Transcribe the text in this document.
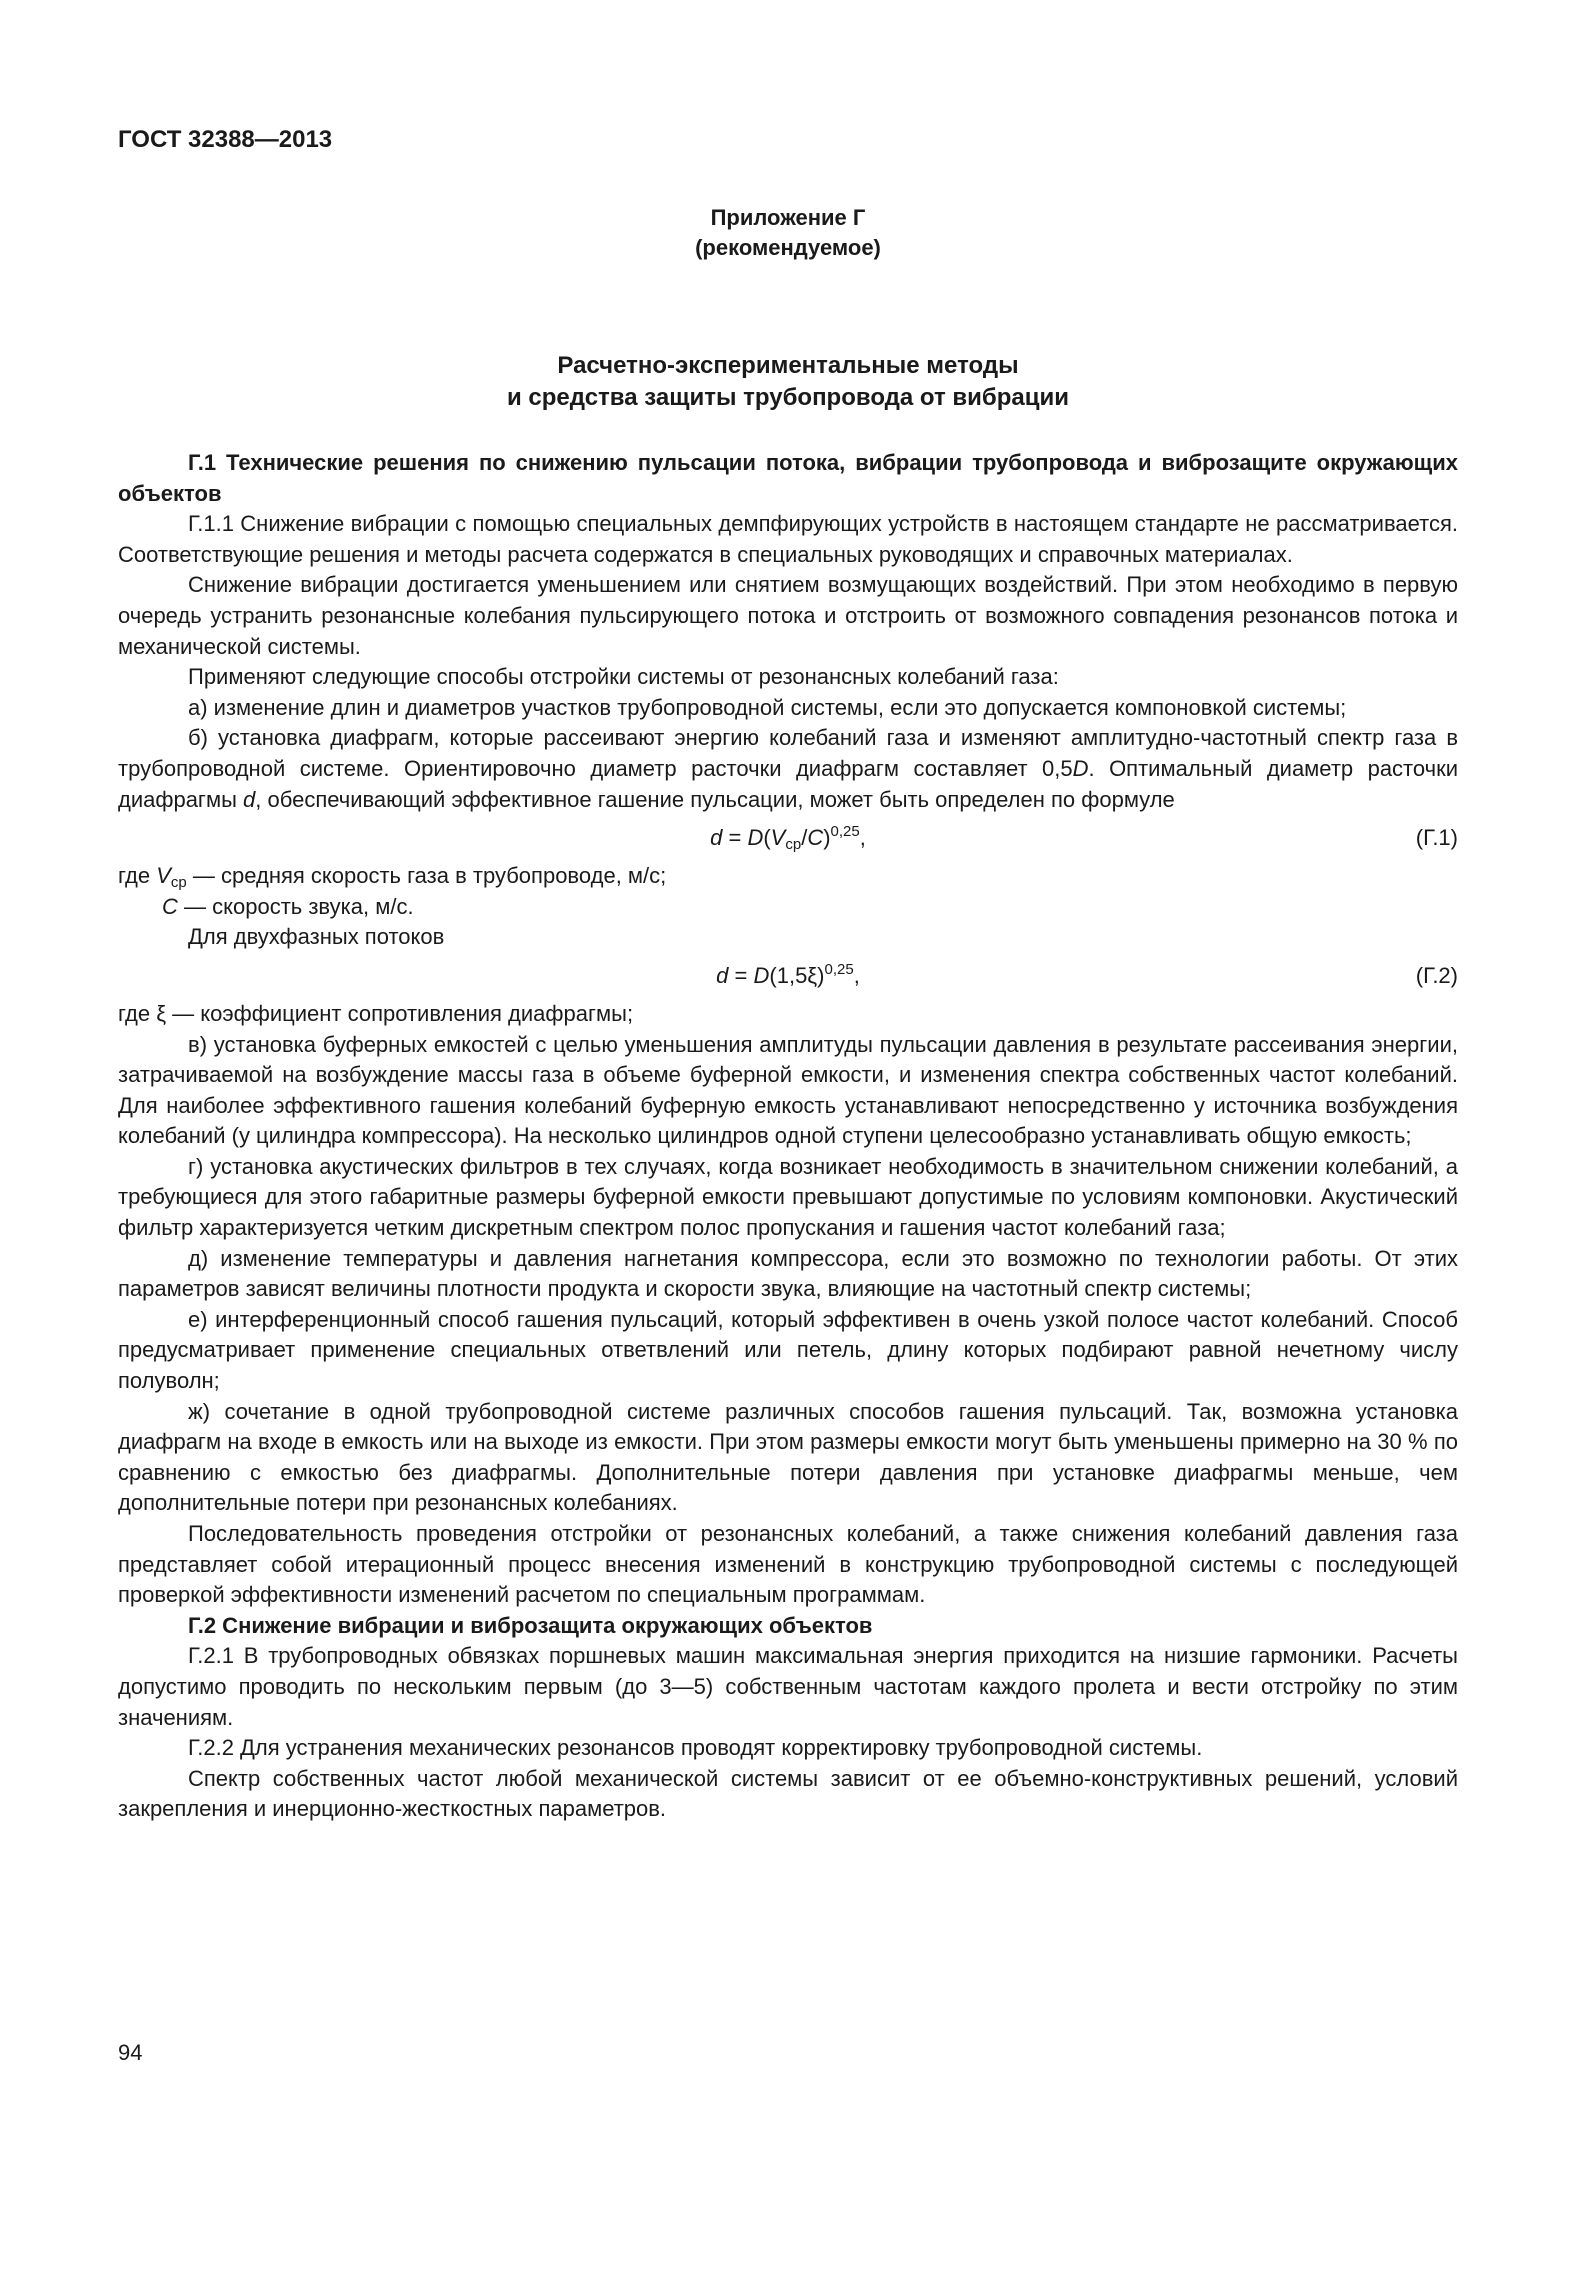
ГОСТ 32388—2013
Приложение Г
(рекомендуемое)
Расчетно-экспериментальные методы
и средства защиты трубопровода от вибрации

Г.1 Технические решения по снижению пульсации потока, вибрации трубопровода и виброзащите окружающих объектов

Г.1.1 Снижение вибрации с помощью специальных демпфирующих устройств в настоящем стандарте не рассматривается. Соответствующие решения и методы расчета содержатся в специальных руководящих и справочных материалах.

Снижение вибрации достигается уменьшением или снятием возмущающих воздействий. При этом необходимо в первую очередь устранить резонансные колебания пульсирующего потока и отстроить от возможного совпадения резонансов потока и механической системы.

Применяют следующие способы отстройки системы от резонансных колебаний газа:

а) изменение длин и диаметров участков трубопроводной системы, если это допускается компоновкой системы;

б) установка диафрагм, которые рассеивают энергию колебаний газа и изменяют амплитудно-частотный спектр газа в трубопроводной системе. Ориентировочно диаметр расточки диафрагм составляет 0,5D. Оптимальный диаметр расточки диафрагмы d, обеспечивающий эффективное гашение пульсации, может быть определен по формуле

$d = D(V_{ср}/C)^{0,25}$,	(Г.1)

где $V_{ср}$ — средняя скорость газа в трубопроводе, м/с;

C — скорость звука, м/с.

Для двухфазных потоков

$d = D(1,5\xi)^{0,25}$,	(Г.2)

где ξ — коэффициент сопротивления диафрагмы;

в) установка буферных емкостей с целью уменьшения амплитуды пульсации давления в результате рассеивания энергии, затрачиваемой на возбуждение массы газа в объеме буферной емкости, и изменения спектра собственных частот колебаний. Для наиболее эффективного гашения колебаний буферную емкость устанавливают непосредственно у источника возбуждения колебаний (у цилиндра компрессора). На несколько цилиндров одной ступени целесообразно устанавливать общую емкость;

г) установка акустических фильтров в тех случаях, когда возникает необходимость в значительном снижении колебаний, а требующиеся для этого габаритные размеры буферной емкости превышают допустимые по условиям компоновки. Акустический фильтр характеризуется четким дискретным спектром полос пропускания и гашения частот колебаний газа;

д) изменение температуры и давления нагнетания компрессора, если это возможно по технологии работы. От этих параметров зависят величины плотности продукта и скорости звука, влияющие на частотный спектр системы;

е) интерференционный способ гашения пульсаций, который эффективен в очень узкой полосе частот колебаний. Способ предусматривает применение специальных ответвлений или петель, длину которых подбирают равной нечетному числу полуволн;

ж) сочетание в одной трубопроводной системе различных способов гашения пульсаций. Так, возможна установка диафрагм на входе в емкость или на выходе из емкости. При этом размеры емкости могут быть уменьшены примерно на 30 % по сравнению с емкостью без диафрагмы. Дополнительные потери давления при установке диафрагмы меньше, чем дополнительные потери при резонансных колебаниях.

Последовательность проведения отстройки от резонансных колебаний, а также снижения колебаний давления газа представляет собой итерационный процесс внесения изменений в конструкцию трубопроводной системы с последующей проверкой эффективности изменений расчетом по специальным программам.

Г.2 Снижение вибрации и виброзащита окружающих объектов

Г.2.1 В трубопроводных обвязках поршневых машин максимальная энергия приходится на низшие гармоники. Расчеты допустимо проводить по нескольким первым (до 3—5) собственным частотам каждого пролета и вести отстройку по этим значениям.

Г.2.2 Для устранения механических резонансов проводят корректировку трубопроводной системы.

Спектр собственных частот любой механической системы зависит от ее объемно-конструктивных решений, условий закрепления и инерционно-жесткостных параметров.

94
